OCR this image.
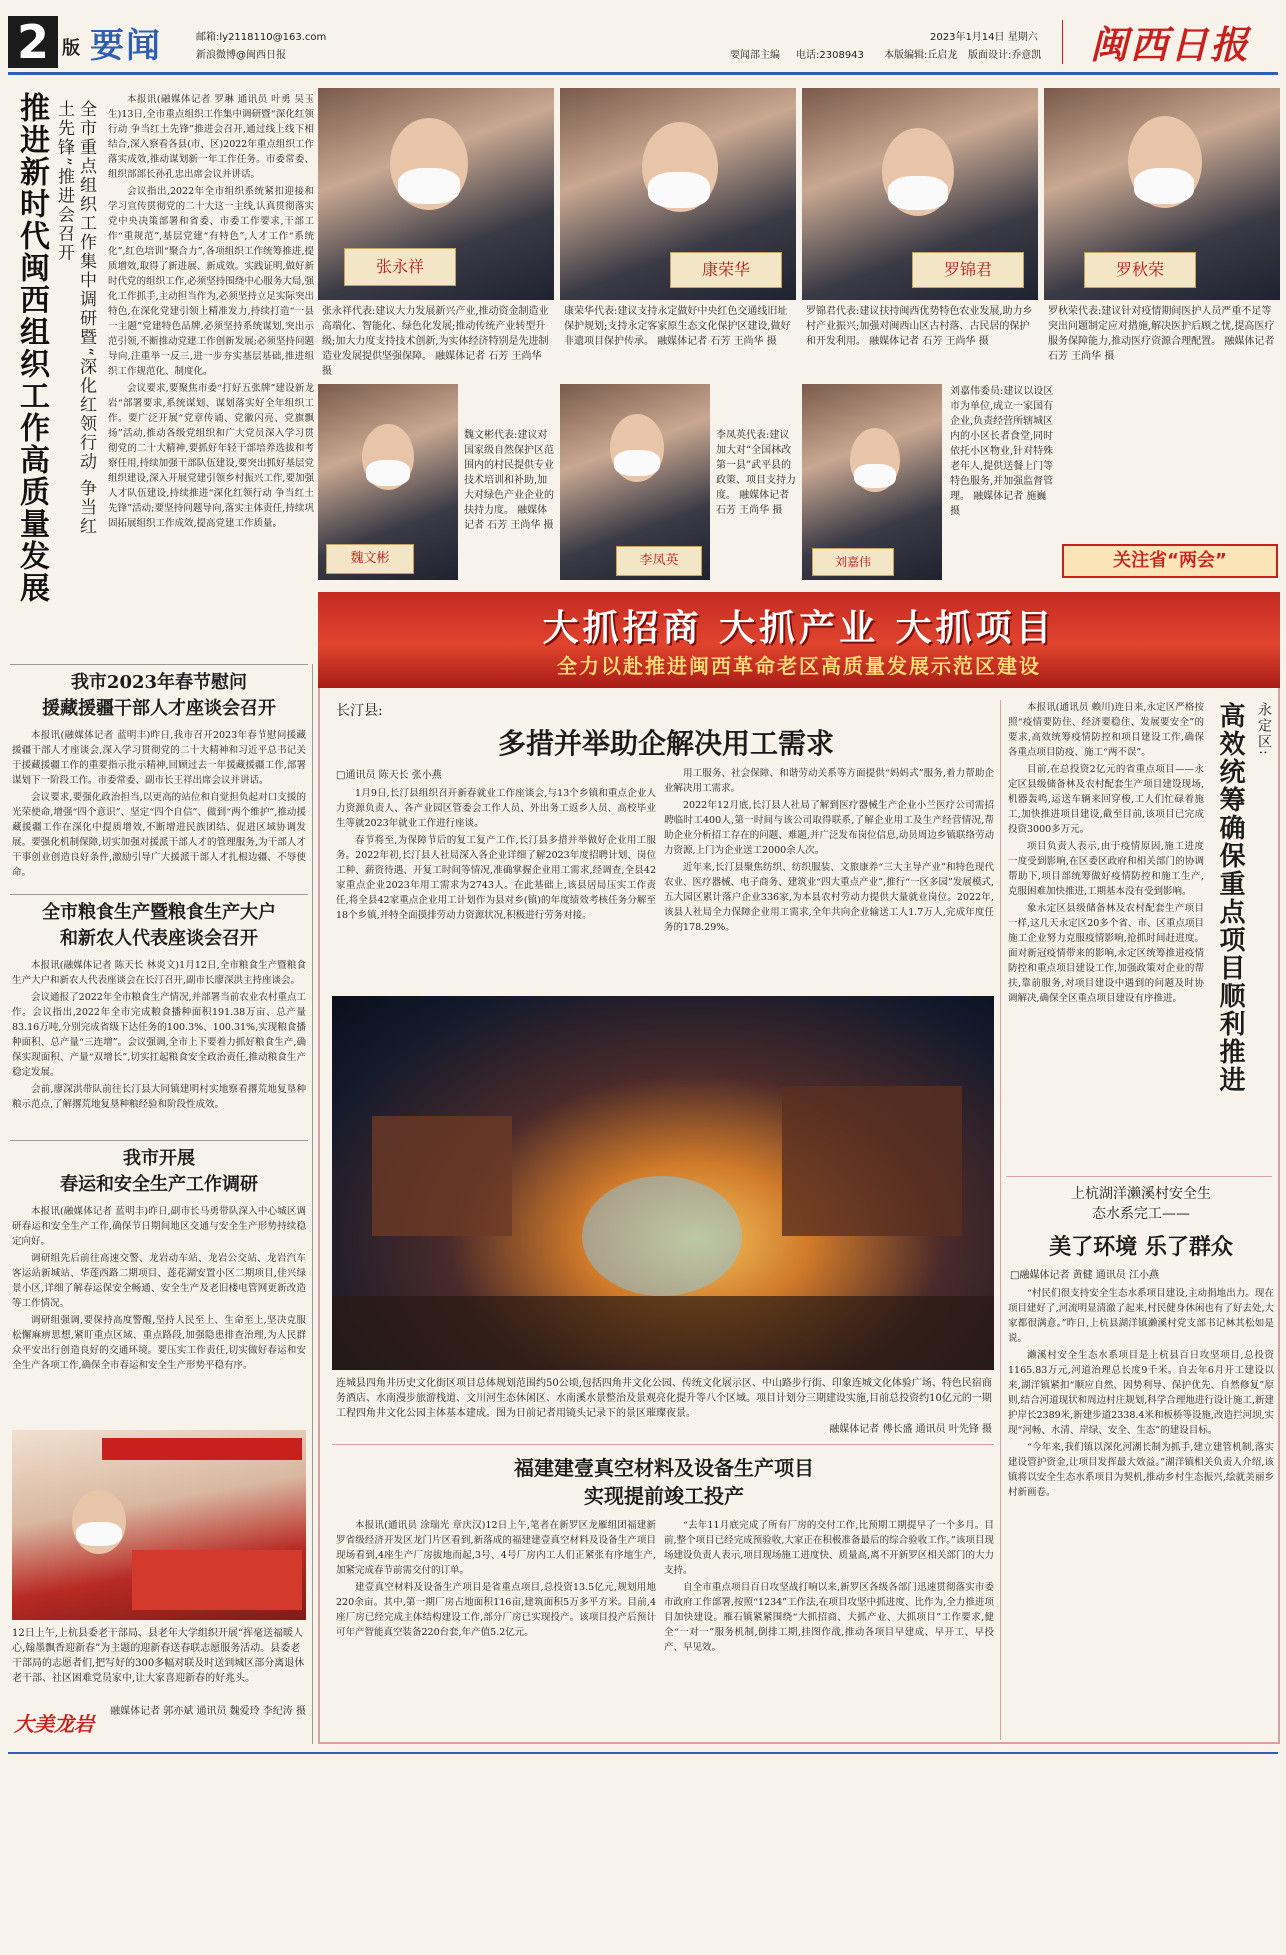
2 版 要闻	邮箱:ly2118110@163.com
新浪微博@闽西日报	要闻部主编 电话:2308943 本版编辑:丘启龙 版面设计:乔意凯
2023年1月14日 星期六 闽西日报
推进新时代闽西组织工作高质量发展 土先锋”推进会召开 全市重点组织工作集中调研暨“深化红领行动 争当红

本报讯(融媒体记者 罗琳 通讯员 叶勇 吴玉生)13日,全市重点组织工作集中调研暨“深化红领行动 争当红土先锋”推进会召开,通过线上线下相结合,深入察看各县(市、区)2022年重点组织工作落实成效,推动谋划新一年工作任务。市委常委、组织部部长孙孔忠出席会议并讲话。

会议指出,2022年全市组织系统紧扣迎接和学习宣传贯彻党的二十大这一主线,认真贯彻落实党中央决策部署和省委、市委工作要求,干部工作“重规范”,基层党建“有特色”,人才工作“系统化”,红色培训“聚合力”,各项组织工作统筹推进,提质增效,取得了新进展、新成效。实践证明,做好新时代党的组织工作,必须坚持围绕中心服务大局,强化工作抓手,主动担当作为,必须坚持立足实际突出特色,在深化党建引领上精准发力,持续打造“一县一主题”党建特色品牌,必须坚持系统谋划,突出示范引领,不断推动党建工作创新发展;必须坚持问题导向,注重举一反三,进一步夯实基层基础,推进组织工作规范化、制度化。

会议要求,要聚焦市委“打好五张牌”建设新龙岩“部署要求,系统谋划、谋划落实好全年组织工作。要广泛开展“党章传诵、党徽闪亮、党旗飘扬”活动,推动各级党组织和广大党员深入学习贯彻党的二十大精神,要抓好年轻干部培养选拔和考察任用,持续加强干部队伍建设,要突出抓好基层党组织建设,深入开展党建引领乡村振兴工作,要加强人才队伍建设,持续推进“深化红领行动 争当红土先锋”活动;要坚持问题导向,落实主体责任,持续巩固拓展组织工作成效,提高党建工作质量。

张永祥
张永祥代表:建议大力发展新兴产业,推动资金制造业高端化、智能化、绿色化发展;推动传统产业转型升级;加大力度支持技术创新,为实体经济特别是先进制造业发展提供坚强保障。 融媒体记者 石芳 王尚华 摄
康荣华
康荣华代表:建议支持永定做好中央红色交通线旧址保护规划;支持永定客家原生态文化保护区建设,做好非遗项目保护传承。 融媒体记者 石芳 王尚华 摄
罗锦君
罗锦君代表:建议扶持闽西优势特色农业发展,助力乡村产业振兴;加强对闽西山区古村落、古民居的保护和开发利用。 融媒体记者 石芳 王尚华 摄
罗秋荣
罗秋荣代表:建议针对疫情期间医护人员严重不足等突出问题制定应对措施,解决医护后顾之忧,提高医疗服务保障能力,推动医疗资源合理配置。 融媒体记者 石芳 王尚华 摄
魏文彬
魏文彬代表:建议对国家级自然保护区范围内的村民提供专业技术培训和补助,加大对绿色产业企业的扶持力度。 融媒体记者 石芳 王尚华 摄
李凤英
李凤英代表:建议加大对“全国林改第一县”武平县的政策、项目支持力度。 融媒体记者 石芳 王尚华 摄
刘嘉伟
刘嘉伟委员:建议以设区市为单位,成立一家国有企业,负责经营所辖城区内的小区长者食堂,同时依托小区物业,针对特殊老年人,提供送餐上门等特色服务,并加强监督管理。 融媒体记者 施巍 摄
关注省“两会”
我市2023年春节慰问
援藏援疆干部人才座谈会召开

本报讯(融媒体记者 蓝明丰)昨日,我市召开2023年春节慰问援藏援疆干部人才座谈会,深入学习贯彻党的二十大精神和习近平总书记关于援藏援疆工作的重要指示批示精神,回顾过去一年援藏援疆工作,部署谋划下一阶段工作。市委常委、副市长王祥出席会议并讲话。

会议要求,要强化政治担当,以更高的站位和自觉担负起对口支援的光荣使命,增强“四个意识”、坚定“四个自信”、做到“两个维护”,推动援藏援疆工作在深化中提质增效,不断增进民族团结、促进区域协调发展。要强化机制保障,切实加强对援派干部人才的管理服务,为干部人才干事创业创造良好条件,激励引导广大援派干部人才扎根边疆、不辱使命。

全市粮食生产暨粮食生产大户
和新农人代表座谈会召开

本报讯(融媒体记者 陈天长 林炎文)1月12日,全市粮食生产暨粮食生产大户和新农人代表座谈会在长汀召开,副市长廖深洪主持座谈会。

会议通报了2022年全市粮食生产情况,并部署当前农业农村重点工作。会议指出,2022年全市完成粮食播种面积191.38万亩、总产量83.16万吨,分别完成省级下达任务的100.3%、100.31%,实现粮食播种面积、总产量“三连增”。会议强调,全市上下要着力抓好粮食生产,确保实现面积、产量“双增长”,切实扛起粮食安全政治责任,推动粮食生产稳定发展。

会前,廖深洪带队前往长汀县大同镇建明村实地察看撂荒地复垦种粮示范点,了解撂荒地复垦种粮经验和阶段性成效。

我市开展
春运和安全生产工作调研

本报讯(融媒体记者 蓝明丰)昨日,副市长马勇带队深入中心城区调研春运和安全生产工作,确保节日期间地区交通与安全生产形势持续稳定向好。

调研组先后前往高速交警、龙岩动车站、龙岩公交站、龙岩汽车客运站新城站、华莲西路二期项目、莲花湖安置小区二期项目,佳兴绿景小区,详细了解春运保安全畅通、安全生产及老旧楼电管网更新改造等工作情况。

调研组强调,要保持高度警醒,坚持人民至上、生命至上,坚决克服松懈麻痹思想,紧盯重点区域、重点路段,加强隐患排查治理,为人民群众平安出行创造良好的交通环境。要压实工作责任,切实做好春运和安全生产各项工作,确保全市春运和安全生产形势平稳有序。

12日上午,上杭县委老干部局、县老年大学组织开展“挥毫送福暖人心,翰墨飘香迎新春”为主题的迎新春送春联志愿服务活动。县委老干部局的志愿者们,把写好的300多幅对联及时送到城区部分离退休老干部、社区困难党员家中,让大家喜迎新春的好兆头。
融媒体记者 郭亦斌 通讯员 魏爱玲 李纪涛 摄
大美龙岩
大抓招商 大抓产业 大抓项目
全力以赴推进闽西革命老区高质量发展示范区建设
长汀县:
多措并举助企解决用工需求
□通讯员 陈天长 张小燕

1月9日,长汀县组织召开新春就业工作座谈会,与13个乡镇和重点企业人力资源负责人、各产业园区管委会工作人员、外出务工返乡人员、高校毕业生等就2023年就业工作进行座谈。

春节将至,为保障节后的复工复产工作,长汀县多措并举做好企业用工服务。2022年初,长汀县人社局深入各企业详细了解2023年度招聘计划、岗位工种、薪资待遇、开复工时间等情况,准确掌握企业用工需求,经调查,全县42家重点企业2023年用工需求为2743人。在此基础上,该县居局压实工作责任,将全县42家重点企业用工计划作为县对乡(镇)的年度绩效考核任务分解至18个乡镇,并特全面摸排劳动力资源状况,积极进行劳务对接。

用工服务、社会保障、和谐劳动关系等方面提供“妈妈式”服务,着力帮助企业解决用工需求。

2022年12月底,长汀县人社局了解到医疗器械生产企业小兰医疗公司需招聘临时工400人,第一时间与该公司取得联系,了解企业用工及生产经营情况,帮助企业分析招工存在的问题、难题,并广泛发布岗位信息,动员周边乡镇联络劳动力资源,上门为企业送工2000余人次。

近年来,长汀县聚焦纺织、纺织服装、文旅康养“三大主导产业”和特色现代农业、医疗器械、电子商务、建筑业“四大重点产业”,推行“一区多园”发展模式,五大园区累计落户企业336家,为本县农村劳动力提供大量就业岗位。2022年,该县人社局全力保障企业用工需求,全年共向企业输送工人1.7万人,完成年度任务的178.29%。

连城县四角井历史文化街区项目总体规划范围约50公顷,包括四角井文化公园、传统文化展示区、中山路步行街、印象连城文化体验广场、特色民宿商务酒店、水南漫步旅游栈道、文川河生态休闲区、水南溪水景整治及景观亮化提升等八个区域。项目计划分三期建设实施,目前总投资约10亿元的一期工程四角井文化公园主体基本建成。图为日前记者用镜头记录下的景区璀璨夜景。
融媒体记者 傅长盛 通讯员 叶先锋 摄
福建建壹真空材料及设备生产项目
实现提前竣工投产

本报讯(通讯员 涂瑞光 章庆汉)12日上午,笔者在新罗区龙雁组团福建新罗省级经济开发区龙门片区看到,新落成的福建建壹真空材料及设备生产项目现场看到,4座生产厂房拔地而起,3号、4号厂房内工人们正紧张有序地生产,加紧完成春节前需交付的订单。

建壹真空材料及设备生产项目是省重点项目,总投资13.5亿元,规划用地220余亩。其中,第一期厂房占地面积116亩,建筑面积5万多平方米。目前,4座厂房已经完成主体结构建设工作,部分厂房已实现投产。该项目投产后预计可年产智能真空装备220台套,年产值5.2亿元。

“去年11月底完成了所有厂房的交付工作,比预期工期提早了一个多月。目前,整个项目已经完成预验收,大家正在积极准备最后的综合验收工作。”该项目现场建设负责人表示,项目现场施工进度快、质量高,离不开新罗区相关部门的大力支持。

自全市重点项目百日攻坚战打响以来,新罗区各级各部门迅速贯彻落实市委市政府工作部署,按照“1234”工作法,在项目攻坚中抓进度、比作为,全力推进项目加快建设。雁石镇紧紧围绕“大抓招商、大抓产业、大抓项目”工作要求,健全“一对一”服务机制,倒排工期,挂图作战,推动各项目早建成、早开工、早投产、早见效。

永定区:
高效统筹确保重点项目顺利推进

本报讯(通讯员 赖川)连日来,永定区严格按照“疫情要防住、经济要稳住、发展要安全”的要求,高效统筹疫情防控和项目建设工作,确保各重点项目防疫、施工“两不误”。

目前,在总投资2亿元的省重点项目——永定区县级储备林及农村配套生产项目建设现场,机器轰鸣,运送车辆来回穿梭,工人们忙碌着施工,加快推进项目建设,截至目前,该项目已完成投资3000多万元。

项目负责人表示,由于疫情原因,施工进度一度受到影响,在区委区政府和相关部门的协调帮助下,项目部统筹做好疫情防控和施工生产,克服困难加快推进,工期基本没有受到影响。

象永定区县级储备林及农村配套生产项目一样,这几天永定区20多个省、市、区重点项目施工企业努力克服疫情影响,抢抓时间赶进度。面对新冠疫情带来的影响,永定区统筹推进疫情防控和重点项目建设工作,加强政策对企业的帮扶,靠前服务,对项目建设中遇到的问题及时协调解决,确保全区重点项目建设有序推进。

上杭湖洋濑溪村安全生
态水系完工——
美了环境 乐了群众
□融媒体记者 黄健 通讯员 江小燕

“村民们很支持安全生态水系项目建设,主动捐地出力。现在项目建好了,河流明显清澈了起来,村民健身休闲也有了好去处,大家都很满意。”昨日,上杭县湖洋镇濑溪村党支部书记林其松如是说。

濑溪村安全生态水系项目是上杭县百日攻坚项目,总投资1165.83万元,河道治理总长度9千米。自去年6月开工建设以来,湖洋镇紧扣“顺应自然、因势利导、保护优先、自然修复”原则,结合河道现状和周边村庄规划,科学合理地进行设计施工,新建护岸长2389米,新建步道2338.4米和板桥等设施,改造拦河坝,实现“河畅、水清、岸绿、安全、生态”的建设目标。

“今年来,我们镇以深化河湖长制为抓手,建立建管机制,落实建设管护资金,让项目发挥最大效益。”湖洋镇相关负责人介绍,该镇将以安全生态水系项目为契机,推动乡村生态振兴,绘就美丽乡村新画卷。
